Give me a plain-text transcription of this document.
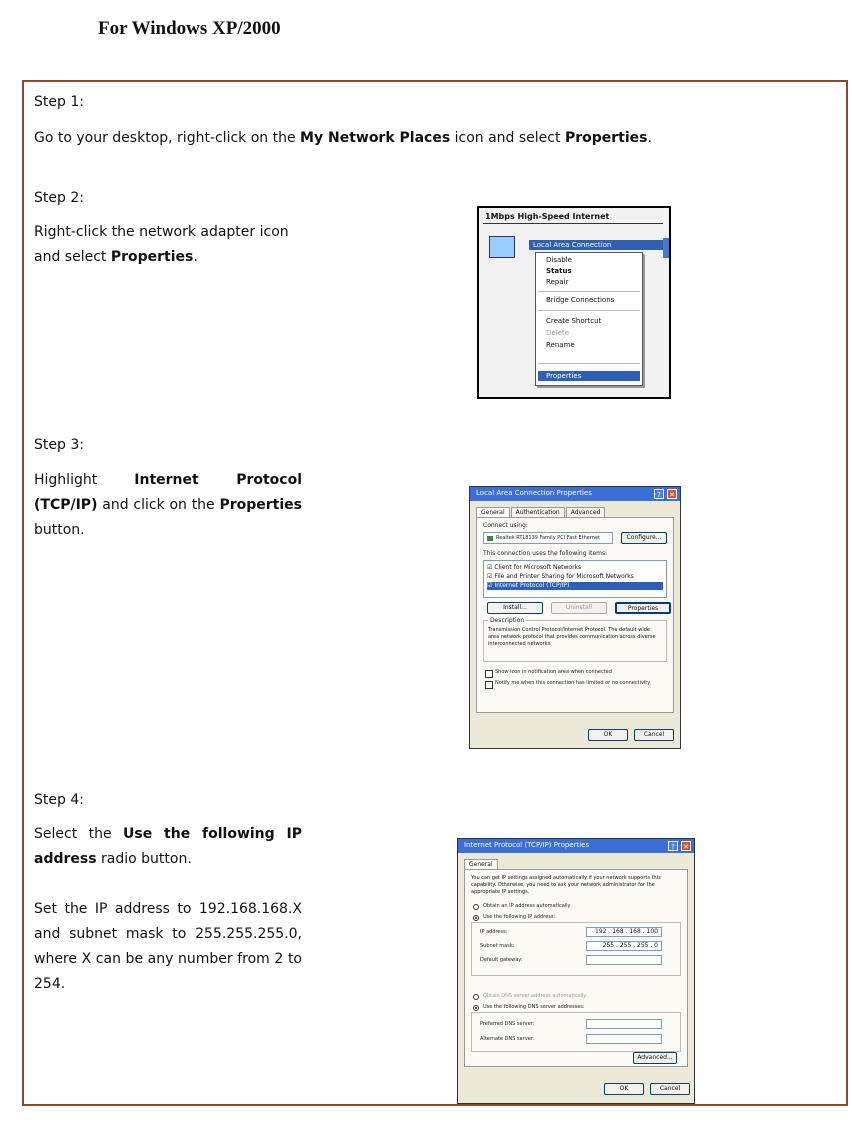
For Windows XP/2000
Step 1:
Go to your desktop, right-click on the My Network Places icon and select Properties.
Step 2:
Right-click the network adapter icon and select Properties.
1Mbps High-Speed Internet
Local Area Connection
Disable
Status
Repair
Bridge Connections
Create Shortcut
Delete
Rename
Properties
Step 3:
Highlight Internet Protocol (TCP/IP) and click on the Properties button.
Local Area Connection Properties	?	✕
General	Authentication	Advanced
Connect using:
Realtek RTL8139 Family PCI Fast Ethernet	Configure...
This connection uses the following items:
☑ Client for Microsoft Networks
☑ File and Printer Sharing for Microsoft Networks
☑ Internet Protocol (TCP/IP)
Install...	Uninstall	Properties
Description
Transmission Control Protocol/Internet Protocol. The default wide area network protocol that provides communication across diverse interconnected networks.
Show icon in notification area when connected
Notify me when this connection has limited or no connectivity
OK	Cancel
Step 4:
Select the Use the following IP address radio button.
Set the IP address to 192.168.168.X and subnet mask to 255.255.255.0, where X can be any number from 2 to 254.
Internet Protocol (TCP/IP) Properties	?	✕
General
You can get IP settings assigned automatically if your network supports this capability. Otherwise, you need to ask your network administrator for the appropriate IP settings.
Obtain an IP address automatically
Use the following IP address:
IP address:	192 . 168 . 168 . 100
Subnet mask:	255 . 255 . 255 . 0
Default gateway:
Obtain DNS server address automatically
Use the following DNS server addresses:
Preferred DNS server:
Alternate DNS server:
Advanced...
OK	Cancel
